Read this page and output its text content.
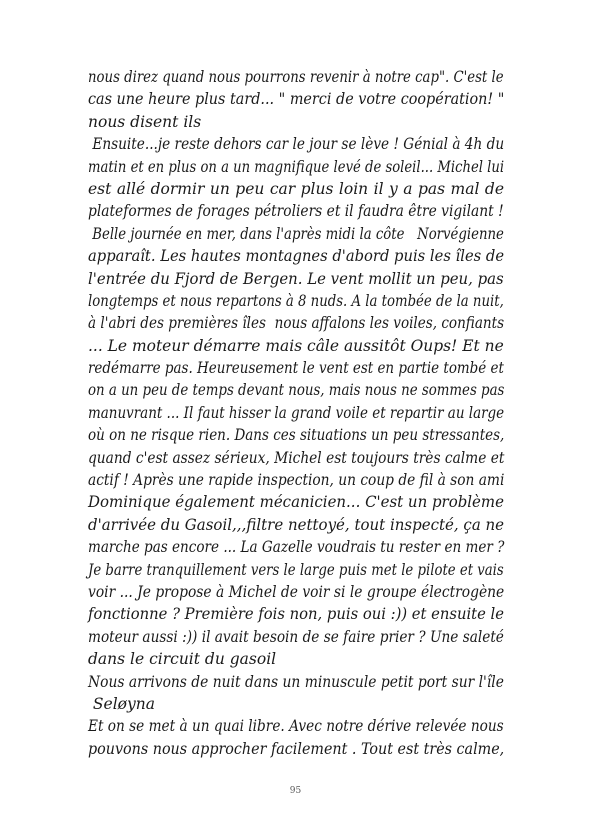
nous direz quand nous pourrons revenir à notre cap". C'est le
cas une heure plus tard... " merci de votre coopération! "
nous disent ils
Ensuite...je reste dehors car le jour se lève ! Génial à 4h du
matin et en plus on a un magnifique levé de soleil... Michel lui
est allé dormir un peu car plus loin il y a pas mal de
plateformes de forages pétroliers et il faudra être vigilant !
Belle journée en mer, dans l'après midi la côte   Norvégienne
apparaît. Les hautes montagnes d'abord puis les îles de
l'entrée du Fjord de Bergen. Le vent mollit un peu, pas
longtemps et nous repartons à 8 nuds. A la tombée de la nuit,
à l'abri des premières îles  nous affalons les voiles, confiants
... Le moteur démarre mais câle aussitôt Oups! Et ne
redémarre pas. Heureusement le vent est en partie tombé et
on a un peu de temps devant nous, mais nous ne sommes pas
manuvrant ... Il faut hisser la grand voile et repartir au large
où on ne risque rien. Dans ces situations un peu stressantes,
quand c'est assez sérieux, Michel est toujours très calme et
actif ! Après une rapide inspection, un coup de fil à son ami
Dominique également mécanicien... C'est un problème
d'arrivée du Gasoil,,,filtre nettoyé, tout inspecté, ça ne
marche pas encore ... La Gazelle voudrais tu rester en mer ?
Je barre tranquillement vers le large puis met le pilote et vais
voir ... Je propose à Michel de voir si le groupe électrogène
fonctionne ? Première fois non, puis oui :)) et ensuite le
moteur aussi :)) il avait besoin de se faire prier ? Une saleté
dans le circuit du gasoil
Nous arrivons de nuit dans un minuscule petit port sur l'île
Seløyna
Et on se met à un quai libre. Avec notre dérive relevée nous
pouvons nous approcher facilement . Tout est très calme,
95
